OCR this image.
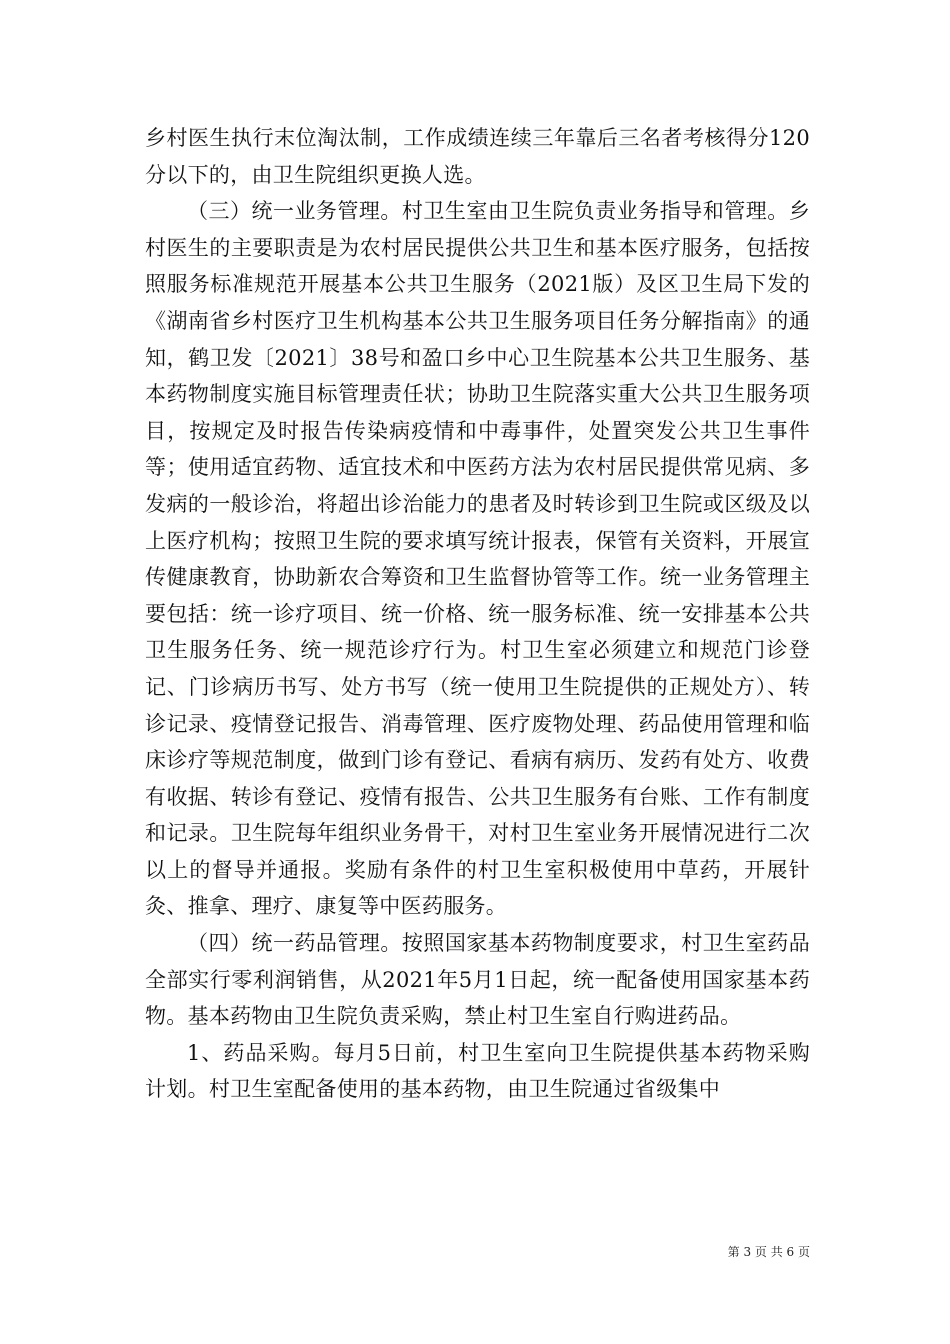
乡村医生执行末位淘汰制，工作成绩连续三年靠后三名者考核得分120分以下的，由卫生院组织更换人选。

（三）统一业务管理。村卫生室由卫生院负责业务指导和管理。乡村医生的主要职责是为农村居民提供公共卫生和基本医疗服务，包括按照服务标准规范开展基本公共卫生服务（2021版）及区卫生局下发的《湖南省乡村医疗卫生机构基本公共卫生服务项目任务分解指南》的通知，鹤卫发〔2021〕38号和盈口乡中心卫生院基本公共卫生服务、基本药物制度实施目标管理责任状；协助卫生院落实重大公共卫生服务项目，按规定及时报告传染病疫情和中毒事件，处置突发公共卫生事件等；使用适宜药物、适宜技术和中医药方法为农村居民提供常见病、多发病的一般诊治，将超出诊治能力的患者及时转诊到卫生院或区级及以上医疗机构；按照卫生院的要求填写统计报表，保管有关资料，开展宣传健康教育，协助新农合筹资和卫生监督协管等工作。统一业务管理主要包括：统一诊疗项目、统一价格、统一服务标准、统一安排基本公共卫生服务任务、统一规范诊疗行为。村卫生室必须建立和规范门诊登记、门诊病历书写、处方书写（统一使用卫生院提供的正规处方）、转诊记录、疫情登记报告、消毒管理、医疗废物处理、药品使用管理和临床诊疗等规范制度，做到门诊有登记、看病有病历、发药有处方、收费有收据、转诊有登记、疫情有报告、公共卫生服务有台账、工作有制度和记录。卫生院每年组织业务骨干，对村卫生室业务开展情况进行二次以上的督导并通报。奖励有条件的村卫生室积极使用中草药，开展针灸、推拿、理疗、康复等中医药服务。

（四）统一药品管理。按照国家基本药物制度要求，村卫生室药品全部实行零利润销售，从2021年5月1日起，统一配备使用国家基本药物。基本药物由卫生院负责采购，禁止村卫生室自行购进药品。

1、药品采购。每月5日前，村卫生室向卫生院提供基本药物采购计划。村卫生室配备使用的基本药物，由卫生院通过省级集中

第 3 页 共 6 页
